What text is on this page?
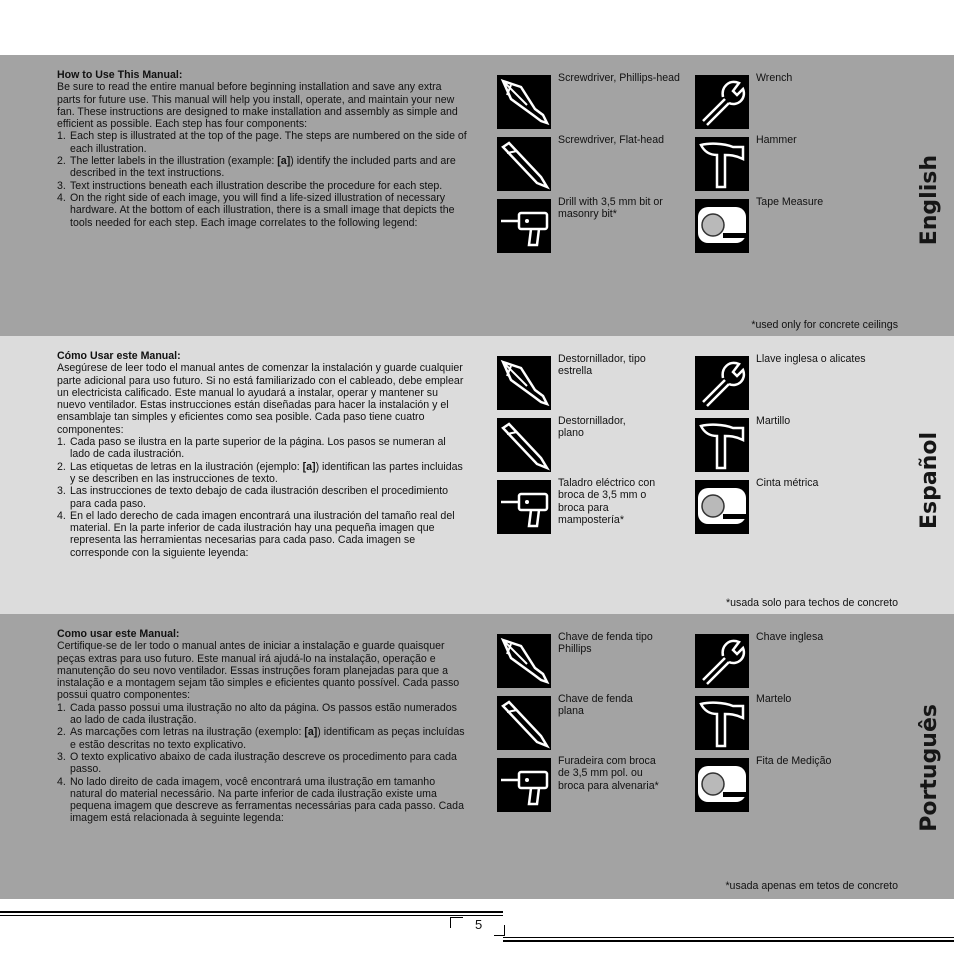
How to Use This Manual:

Be sure to read the entire manual before beginning installation and save any extra parts for future use. This manual will help you install, operate, and maintain your new fan. These instructions are designed to make installation and assembly as simple and efficient as possible. Each step has four components:

1. Each step is illustrated at the top of the page. The steps are numbered on the side of each illustration.
2. The letter labels in the illustration (example: [a]) identify the included parts and are described in the text instructions.
3. Text instructions beneath each illustration describe the procedure for each step.
4. On the right side of each image, you will find a life-sized illustration of necessary hardware. At the bottom of each illustration, there is a small image that depicts the tools needed for each step. Each image correlates to the following legend:
Screwdriver, Phillips-head
Screwdriver, Flat-head
Drill with 3,5 mm bit or masonry bit*
Wrench
Hammer
Tape Measure
*used only for concrete ceilings
English

Cómo Usar este Manual:

Asegúrese de leer todo el manual antes de comenzar la instalación y guarde cualquier parte adicional para uso futuro. Si no está familiarizado con el cableado, debe emplear un electricista calificado. Este manual lo ayudará a instalar, operar y mantener su nuevo ventilador. Estas instrucciones están diseñadas para hacer la instalación y el ensamblaje tan simples y eficientes como sea posible. Cada paso tiene cuatro componentes:

1. Cada paso se ilustra en la parte superior de la página. Los pasos se numeran al lado de cada ilustración.
2. Las etiquetas de letras en la ilustración (ejemplo: [a]) identifican las partes incluidas y se describen en las instrucciones de texto.
3. Las instrucciones de texto debajo de cada ilustración describen el procedimiento para cada paso.
4. En el lado derecho de cada imagen encontrará una ilustración del tamaño real del material. En la parte inferior de cada ilustración hay una pequeña imagen que representa las herramientas necesarias para cada paso. Cada imagen se corresponde con la siguiente leyenda:
Destornillador, tipo estrella
Destornillador, plano
Taladro eléctrico con broca de 3,5 mm o broca para mampostería*
Llave inglesa o alicates
Martillo
Cinta métrica
*usada solo para techos de concreto
Español

Como usar este Manual:

Certifique-se de ler todo o manual antes de iniciar a instalação e guarde quaisquer peças extras para uso futuro. Este manual irá ajudá-lo na instalação, operação e manutenção do seu novo ventilador. Essas instruções foram planejadas para que a instalação e a montagem sejam tão simples e eficientes quanto possível. Cada passo possui quatro componentes:

1. Cada passo possui uma ilustração no alto da página. Os passos estão numerados ao lado de cada ilustração.
2. As marcações com letras na ilustração (exemplo: [a]) identificam as peças incluídas e estão descritas no texto explicativo.
3. O texto explicativo abaixo de cada ilustração descreve os procedimento para cada passo.
4. No lado direito de cada imagem, você encontrará uma ilustração em tamanho natural do material necessário. Na parte inferior de cada ilustração existe uma pequena imagem que descreve as ferramentas necessárias para cada passo. Cada imagem está relacionada à seguinte legenda:
Chave de fenda tipo Phillips
Chave de fenda plana
Furadeira com broca de 3,5 mm pol. ou broca para alvenaria*
Chave inglesa
Martelo
Fita de Medição
*usada apenas em tetos de concreto
Português
5
